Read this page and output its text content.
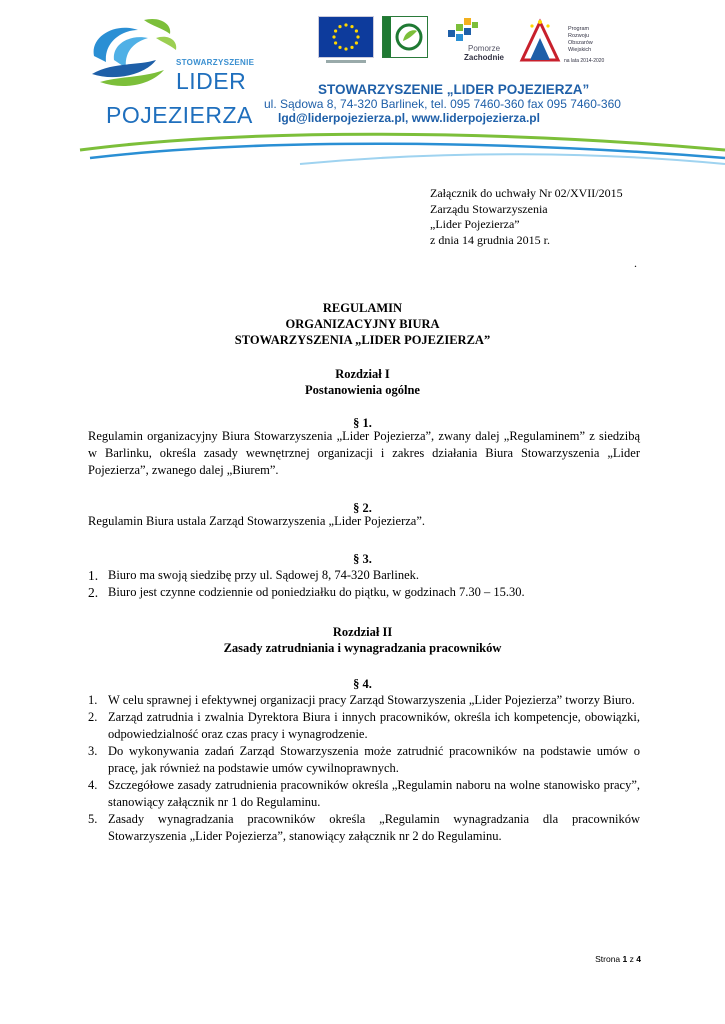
STOWARZYSZENIE
LIDER
POJEZIERZA
Pomorze
Zachodnie
Program Rozwoju Obszarów Wiejskich
na lata 2014-2020
STOWARZYSZENIE „LIDER POJEZIERZA”
ul. Sądowa 8, 74-320 Barlinek, tel. 095 7460-360 fax 095 7460-360
lgd@liderpojezierza.pl, www.liderpojezierza.pl
Załącznik do uchwały Nr 02/XVII/2015
Zarządu Stowarzyszenia
„Lider Pojezierza”
z dnia 14 grudnia 2015 r.
.
REGULAMIN
ORGANIZACYJNY BIURA
STOWARZYSZENIA „LIDER POJEZIERZA”
Rozdział I
Postanowienia ogólne
§ 1.
Regulamin organizacyjny Biura Stowarzyszenia „Lider Pojezierza”, zwany dalej „Regulaminem” z siedzibą w Barlinku, określa zasady wewnętrznej organizacji i zakres działania Biura Stowarzyszenia „Lider Pojezierza”, zwanego dalej „Biurem”.
§ 2.
Regulamin Biura ustala Zarząd Stowarzyszenia „Lider Pojezierza”.
§ 3.
1. Biuro ma swoją siedzibę przy ul. Sądowej 8, 74-320 Barlinek.
2. Biuro jest czynne codziennie od poniedziałku do piątku, w godzinach 7.30 – 15.30.
Rozdział II
Zasady zatrudniania i wynagradzania pracowników
§ 4.
1. W celu sprawnej i efektywnej organizacji pracy Zarząd Stowarzyszenia „Lider Pojezierza” tworzy Biuro.
2. Zarząd zatrudnia i zwalnia Dyrektora Biura i innych pracowników, określa ich kompetencje, obowiązki, odpowiedzialność oraz czas pracy i wynagrodzenie.
3. Do wykonywania zadań Zarząd Stowarzyszenia może zatrudnić pracowników na podstawie umów o pracę, jak również na podstawie umów cywilnoprawnych.
4. Szczegółowe zasady zatrudnienia pracowników określa „Regulamin naboru na wolne stanowisko pracy”, stanowiący załącznik nr 1 do Regulaminu.
5. Zasady wynagradzania pracowników określa „Regulamin wynagradzania dla pracowników Stowarzyszenia „Lider Pojezierza”, stanowiący załącznik nr 2 do Regulaminu.
Strona 1 z 4
